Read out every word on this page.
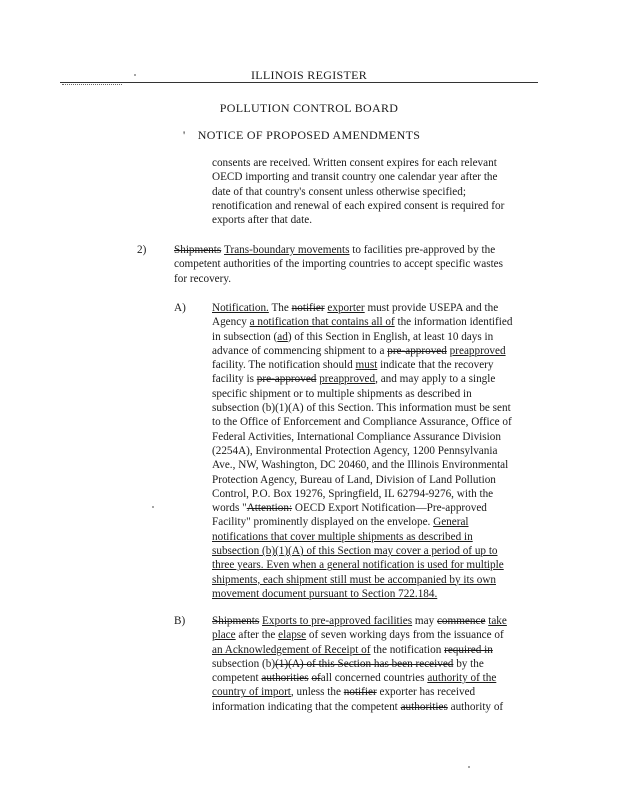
ILLINOIS REGISTER
POLLUTION CONTROL BOARD
'	NOTICE OF PROPOSED AMENDMENTS
consents are received. Written consent expires for each relevant
OECD importing and transit country one calendar year after the
date of that country's consent unless otherwise specified;
renotification and renewal of each expired consent is required for
exports after that date.
2) Shipments Trans-boundary movements to facilities pre-approved by the
competent authorities of the importing countries to accept specific wastes
for recovery.
A) Notification. The notifier exporter must provide USEPA and the
Agency a notification that contains all of the information identified
in subsection (ad) of this Section in English, at least 10 days in
advance of commencing shipment to a pre-approved preapproved
facility. The notification should must indicate that the recovery
facility is pre-approved preapproved, and may apply to a single
specific shipment or to multiple shipments as described in
subsection (b)(1)(A) of this Section. This information must be sent
to the Office of Enforcement and Compliance Assurance, Office of
Federal Activities, International Compliance Assurance Division
(2254A), Environmental Protection Agency, 1200 Pennsylvania
Ave., NW, Washington, DC 20460, and the Illinois Environmental
Protection Agency, Bureau of Land, Division of Land Pollution
Control, P.O. Box 19276, Springfield, IL 62794-9276, with the
words "Attention: OECD Export Notification—Pre-approved
Facility" prominently displayed on the envelope. General
notifications that cover multiple shipments as described in
subsection (b)(1)(A) of this Section may cover a period of up to
three years. Even when a general notification is used for multiple
shipments, each shipment still must be accompanied by its own
movement document pursuant to Section 722.184.
B) Shipments Exports to pre-approved facilities may commence take
place after the elapse of seven working days from the issuance of
an Acknowledgement of Receipt of the notification required in
subsection (b)(1)(A) of this Section has been received by the
competent authorities ofall concerned countries authority of the
country of import, unless the notifier exporter has received
information indicating that the competent authorities authority of
